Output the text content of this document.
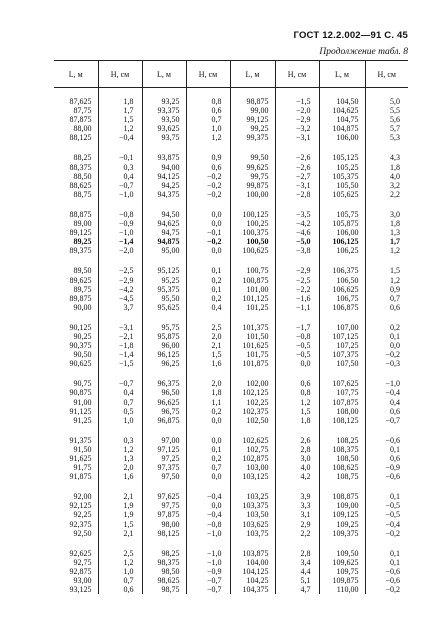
ГОСТ 12.2.002—91 С. 45
Продолжение табл. 8
L, м	H, см	L, м	H, см	L, м	H, см	L, м	H, см
87,625	1,8	93,25	0,8	98,875	−1,5	104,50	5,0
87,75	1,7	93,375	0,6	99,00	−2,0	104,625	5,5
87,875	1,5	93,50	0,7	99,125	−2,9	104,75	5,6
88,00	1,2	93,625	1,0	99,25	−3,2	104,875	5,7
88,125	−0,4	93,75	1,2	99,375	−3,1	106,00	5,3

88,25	−0,1	93,875	0,9	99,50	−2,6	105,125	4,3
88,375	0,3	94,00	0,6	99,625	−2,6	105,25	1,8
88,50	0,4	94,125	−0,2	99,75	−2,7	105,375	4,0
88,625	−0,7	94,25	−0,2	99,875	−3,1	105,50	3,2
88,75	−1,0	94,375	−0,2	100,00	−2,8	105,625	2,2

88,875	−0,8	94,50	0,0	100,125	−3,5	105,75	3,0
89,00	−0,9	94,625	0,0	100,25	−4,2	105,875	1,8
89,125	−1,0	94,75	−0,1	100,375	−4,6	106,00	1,3
89,25	−1,4	94,875	−0,2	100,50	−5,0	106,125	1,7
89,375	−2,0	95,00	0,0	100,625	−3,8	106,25	1,2

89,50	−2,5	95,125	0,1	100,75	−2,9	106,375	1,5
89,625	−2,9	95,25	0,2	100,875	−2,5	106,50	1,2
89,75	−4,2	95,375	0,1	101,00	−2,2	106,625	0,9
89,875	−4,5	95,50	0,2	101,125	−1,6	106,75	0,7
90,00	3,7	95,625	0,4	101,25	−1,1	106,875	0,6

90,125	−3,1	95,75	2,5	101,375	−1,7	107,00	0,2
90,25	−2,1	95,875	2,0	101,50	−0,8	107,125	0,1
90,375	−1,8	96,00	2,1	101,625	−0,5	107,25	0,0
90,50	−1,4	96,125	1,5	101,75	−0,5	107,375	−0,2
90,625	−1,5	96,25	1,6	101,875	0,0	107,50	−0,3

90,75	−0,7	96,375	2,0	102,00	0,6	107,625	−1,0
90,875	0,4	96,50	1,8	102,125	0,8	107,75	−0,4
91,00	0,7	96,625	1,1	102,25	1,2	107,875	0,4
91,125	0,5	96,75	0,2	102,375	1,5	108,00	0,6
91,25	1,0	96,875	0,0	102,50	1,8	108,125	−0,7

91,375	0,3	97,00	0,0	102,625	2,6	108,25	−0,6
91,50	1,2	97,125	0,1	102,75	2,8	108,375	0,1
91,625	1,3	97,25	0,2	102,875	3,0	108,50	0,6
91,75	2,0	97,375	0,7	103,00	4,0	108,625	−0,9
91,875	1,6	97,50	0,0	103,125	4,2	108,75	−0,6

92,00	2,1	97,625	−0,4	103,25	3,9	108,875	0,1
92,125	1,9	97,75	0,0	103,375	3,3	109,00	−0,5
92,25	1,9	97,875	−0,4	103,50	3,1	109,125	−0,5
92,375	1,5	98,00	−0,8	103,625	2,9	109,25	−0,4
92,50	2,1	98,125	−1,0	103,75	2,2	109,375	−0,2

92,625	2,5	98,25	−1,0	103,875	2,8	109,50	0,1
92,75	1,2	98,375	−1,0	104,00	3,4	109,625	0,1
92,875	1,0	98,50	−0,9	104,125	4,4	109,75	−0,6
93,00	0,7	98,625	−0,7	104,25	5,1	109,875	−0,6
93,125	0,6	98,75	−0,7	104,375	4,7	110,00	−0,2
